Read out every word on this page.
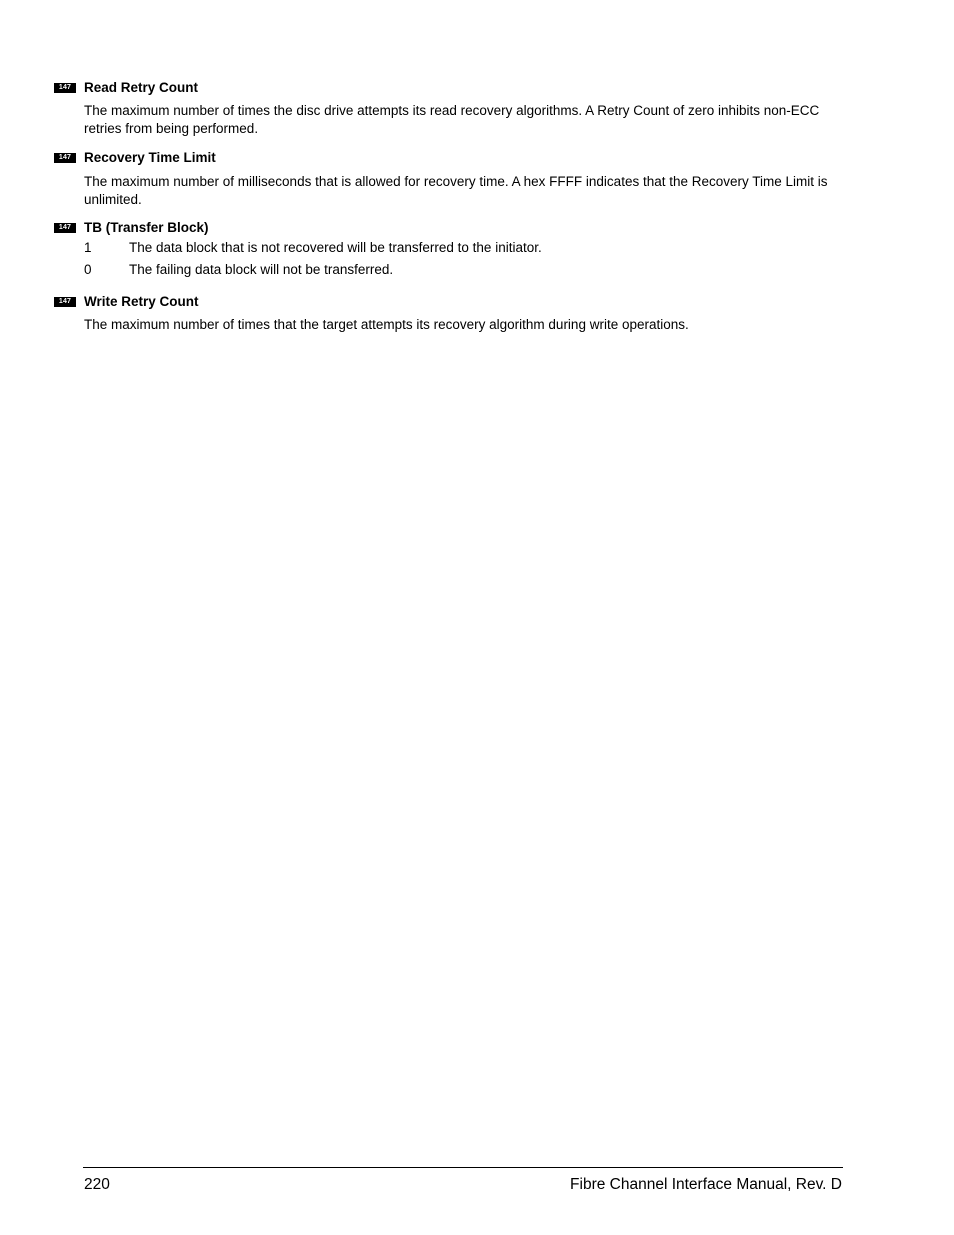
147 Read Retry Count

The maximum number of times the disc drive attempts its read recovery algorithms. A Retry Count of zero inhibits non-ECC retries from being performed.

147 Recovery Time Limit

The maximum number of milliseconds that is allowed for recovery time. A hex FFFF indicates that the Recovery Time Limit is unlimited.

147 TB (Transfer Block)
1	The data block that is not recovered will be transferred to the initiator.
0	The failing data block will not be transferred.
147 Write Retry Count

The maximum number of times that the target attempts its recovery algorithm during write operations.

220	Fibre Channel Interface Manual, Rev. D
